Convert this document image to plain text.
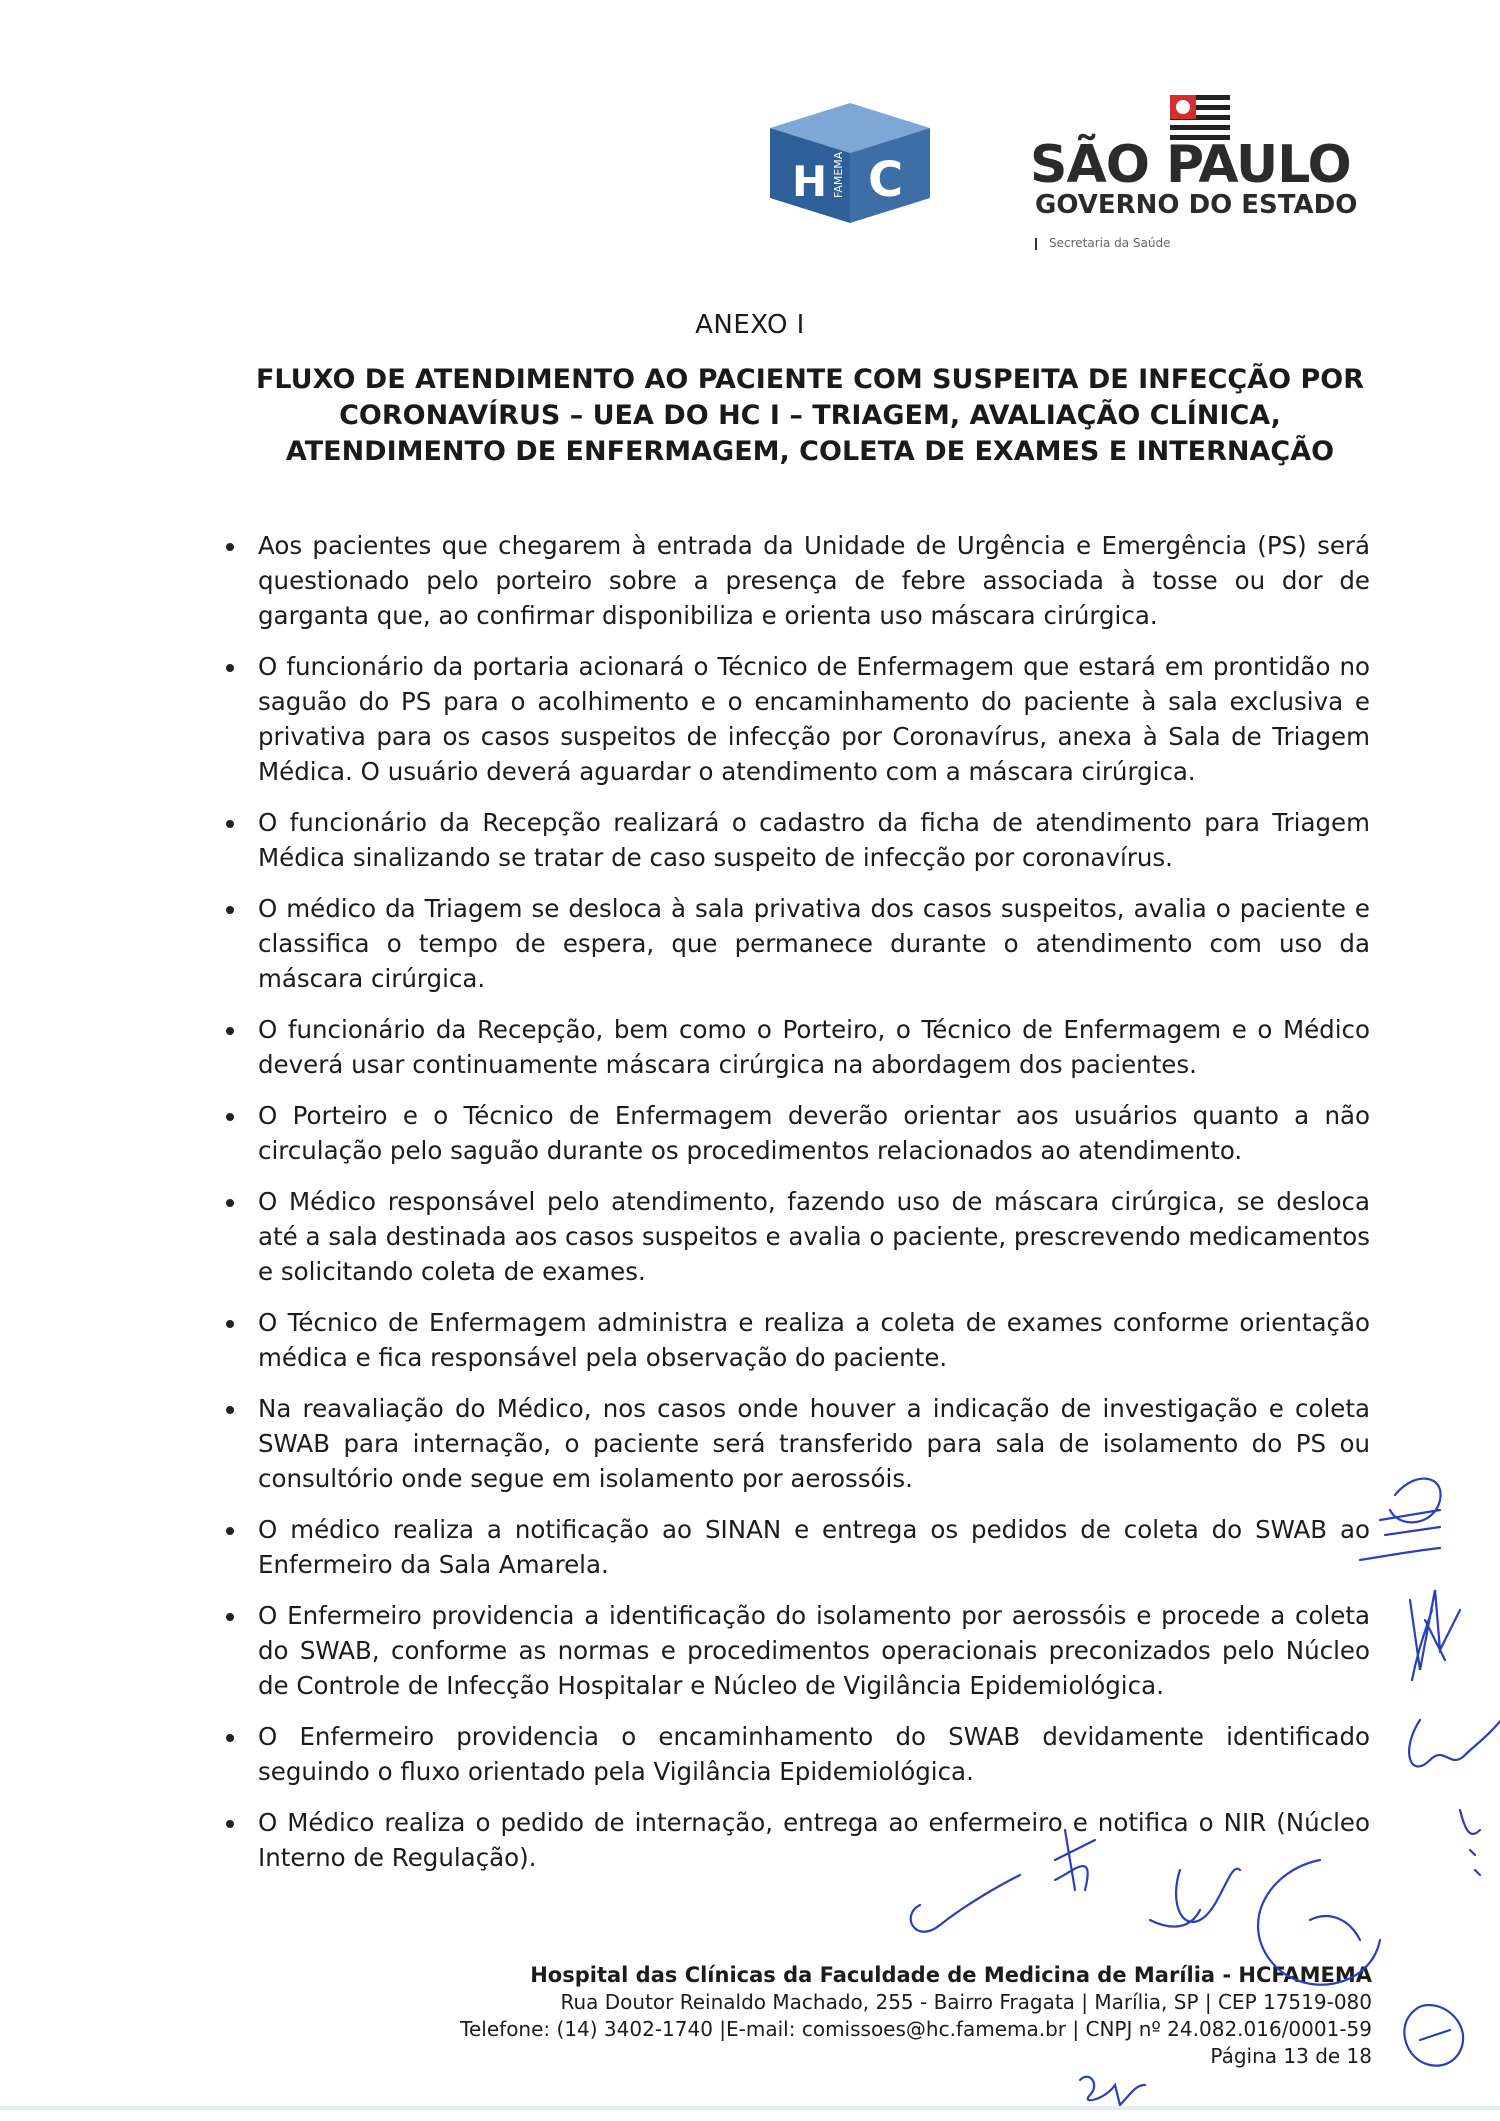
H C
FAMEMA	SÃO PAULO
GOVERNO DO ESTADO
Secretaria da Saúde
ANEXO I
FLUXO DE ATENDIMENTO AO PACIENTE COM SUSPEITA DE INFECÇÃO POR CORONAVÍRUS – UEA DO HC I – TRIAGEM, AVALIAÇÃO CLÍNICA, ATENDIMENTO DE ENFERMAGEM, COLETA DE EXAMES E INTERNAÇÃO
Aos pacientes que chegarem à entrada da Unidade de Urgência e Emergência (PS) será questionado pelo porteiro sobre a presença de febre associada à tosse ou dor de garganta que, ao confirmar disponibiliza e orienta uso máscara cirúrgica.
O funcionário da portaria acionará o Técnico de Enfermagem que estará em prontidão no saguão do PS para o acolhimento e o encaminhamento do paciente à sala exclusiva e privativa para os casos suspeitos de infecção por Coronavírus, anexa à Sala de Triagem Médica. O usuário deverá aguardar o atendimento com a máscara cirúrgica.
O funcionário da Recepção realizará o cadastro da ficha de atendimento para Triagem Médica sinalizando se tratar de caso suspeito de infecção por coronavírus.
O médico da Triagem se desloca à sala privativa dos casos suspeitos, avalia o paciente e classifica o tempo de espera, que permanece durante o atendimento com uso da máscara cirúrgica.
O funcionário da Recepção, bem como o Porteiro, o Técnico de Enfermagem e o Médico deverá usar continuamente máscara cirúrgica na abordagem dos pacientes.
O Porteiro e o Técnico de Enfermagem deverão orientar aos usuários quanto a não circulação pelo saguão durante os procedimentos relacionados ao atendimento.
O Médico responsável pelo atendimento, fazendo uso de máscara cirúrgica, se desloca até a sala destinada aos casos suspeitos e avalia o paciente, prescrevendo medicamentos e solicitando coleta de exames.
O Técnico de Enfermagem administra e realiza a coleta de exames conforme orientação médica e fica responsável pela observação do paciente.
Na reavaliação do Médico, nos casos onde houver a indicação de investigação e coleta SWAB para internação, o paciente será transferido para sala de isolamento do PS ou consultório onde segue em isolamento por aerossóis.
O médico realiza a notificação ao SINAN e entrega os pedidos de coleta do SWAB ao Enfermeiro da Sala Amarela.
O Enfermeiro providencia a identificação do isolamento por aerossóis e procede a coleta do SWAB, conforme as normas e procedimentos operacionais preconizados pelo Núcleo de Controle de Infecção Hospitalar e Núcleo de Vigilância Epidemiológica.
O Enfermeiro providencia o encaminhamento do SWAB devidamente identificado seguindo o fluxo orientado pela Vigilância Epidemiológica.
O Médico realiza o pedido de internação, entrega ao enfermeiro e notifica o NIR (Núcleo Interno de Regulação).
Hospital das Clínicas da Faculdade de Medicina de Marília - HCFAMEMA
Rua Doutor Reinaldo Machado, 255 - Bairro Fragata | Marília, SP | CEP 17519-080
Telefone: (14) 3402-1740 |E-mail: comissoes@hc.famema.br | CNPJ nº 24.082.016/0001-59
Página 13 de 18
